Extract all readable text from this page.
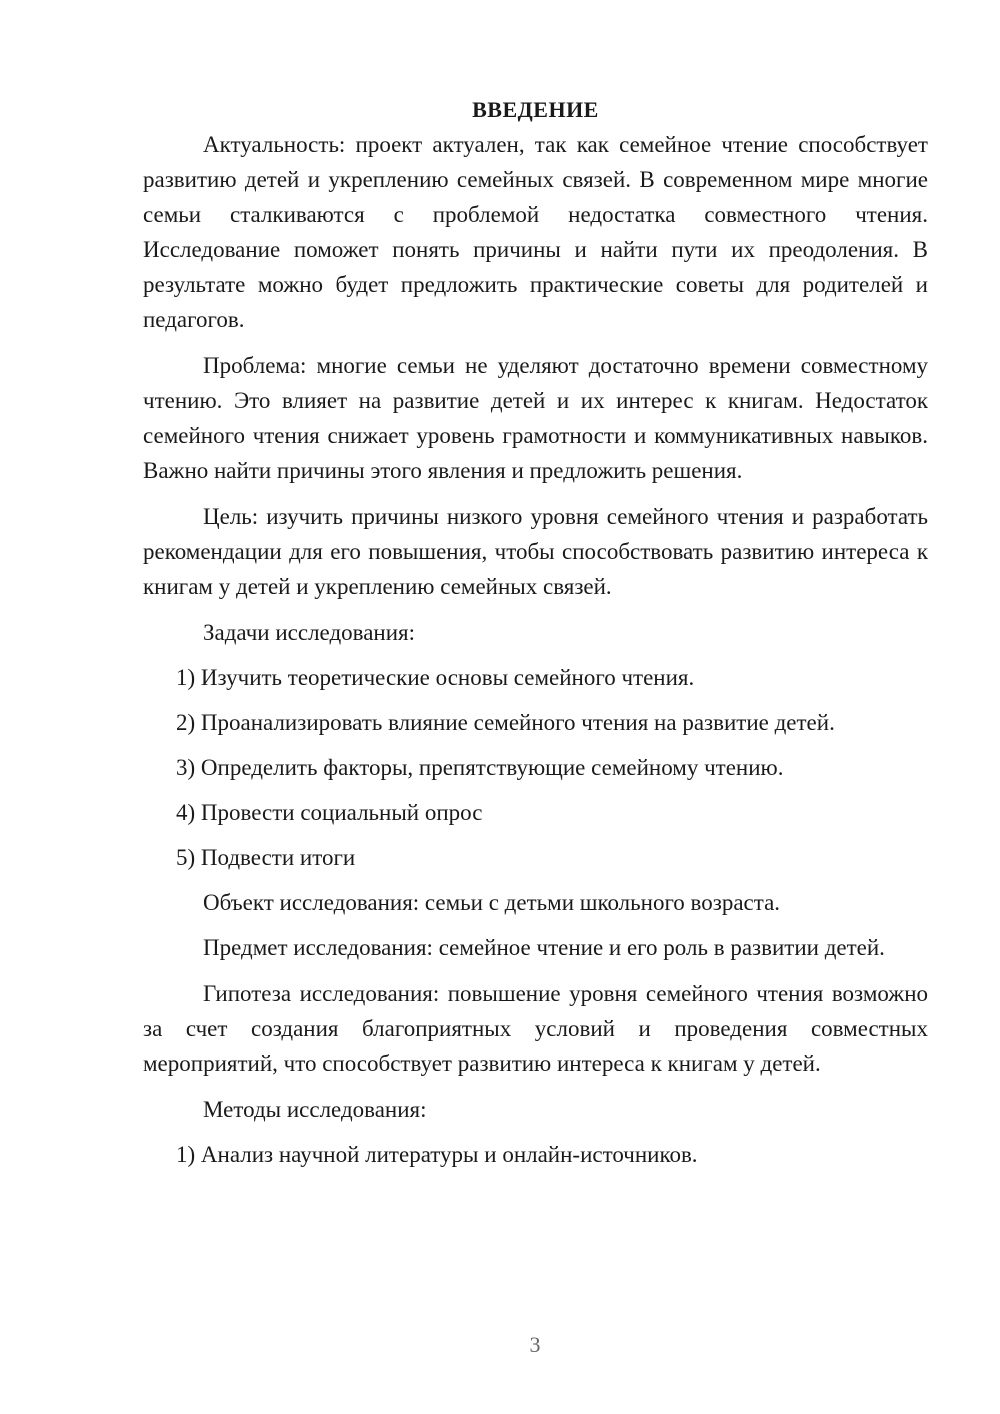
ВВЕДЕНИЕ

Актуальность: проект актуален, так как семейное чтение способствует развитию детей и укреплению семейных связей. В современном мире многие семьи сталкиваются с проблемой недостатка совместного чтения. Исследование поможет понять причины и найти пути их преодоления. В результате можно будет предложить практические советы для родителей и педагогов.

Проблема: многие семьи не уделяют достаточно времени совместному чтению. Это влияет на развитие детей и их интерес к книгам. Недостаток семейного чтения снижает уровень грамотности и коммуникативных навыков. Важно найти причины этого явления и предложить решения.

Цель: изучить причины низкого уровня семейного чтения и разработать рекомендации для его повышения, чтобы способствовать развитию интереса к книгам у детей и укреплению семейных связей.

Задачи исследования:

1) Изучить теоретические основы семейного чтения.

2) Проанализировать влияние семейного чтения на развитие детей.

3) Определить факторы, препятствующие семейному чтению.

4) Провести социальный опрос

5) Подвести итоги

Объект исследования: семьи с детьми школьного возраста.

Предмет исследования: семейное чтение и его роль в развитии детей.

Гипотеза исследования: повышение уровня семейного чтения возможно за счет создания благоприятных условий и проведения совместных мероприятий, что способствует развитию интереса к книгам у детей.

Методы исследования:

1) Анализ научной литературы и онлайн-источников.

3
